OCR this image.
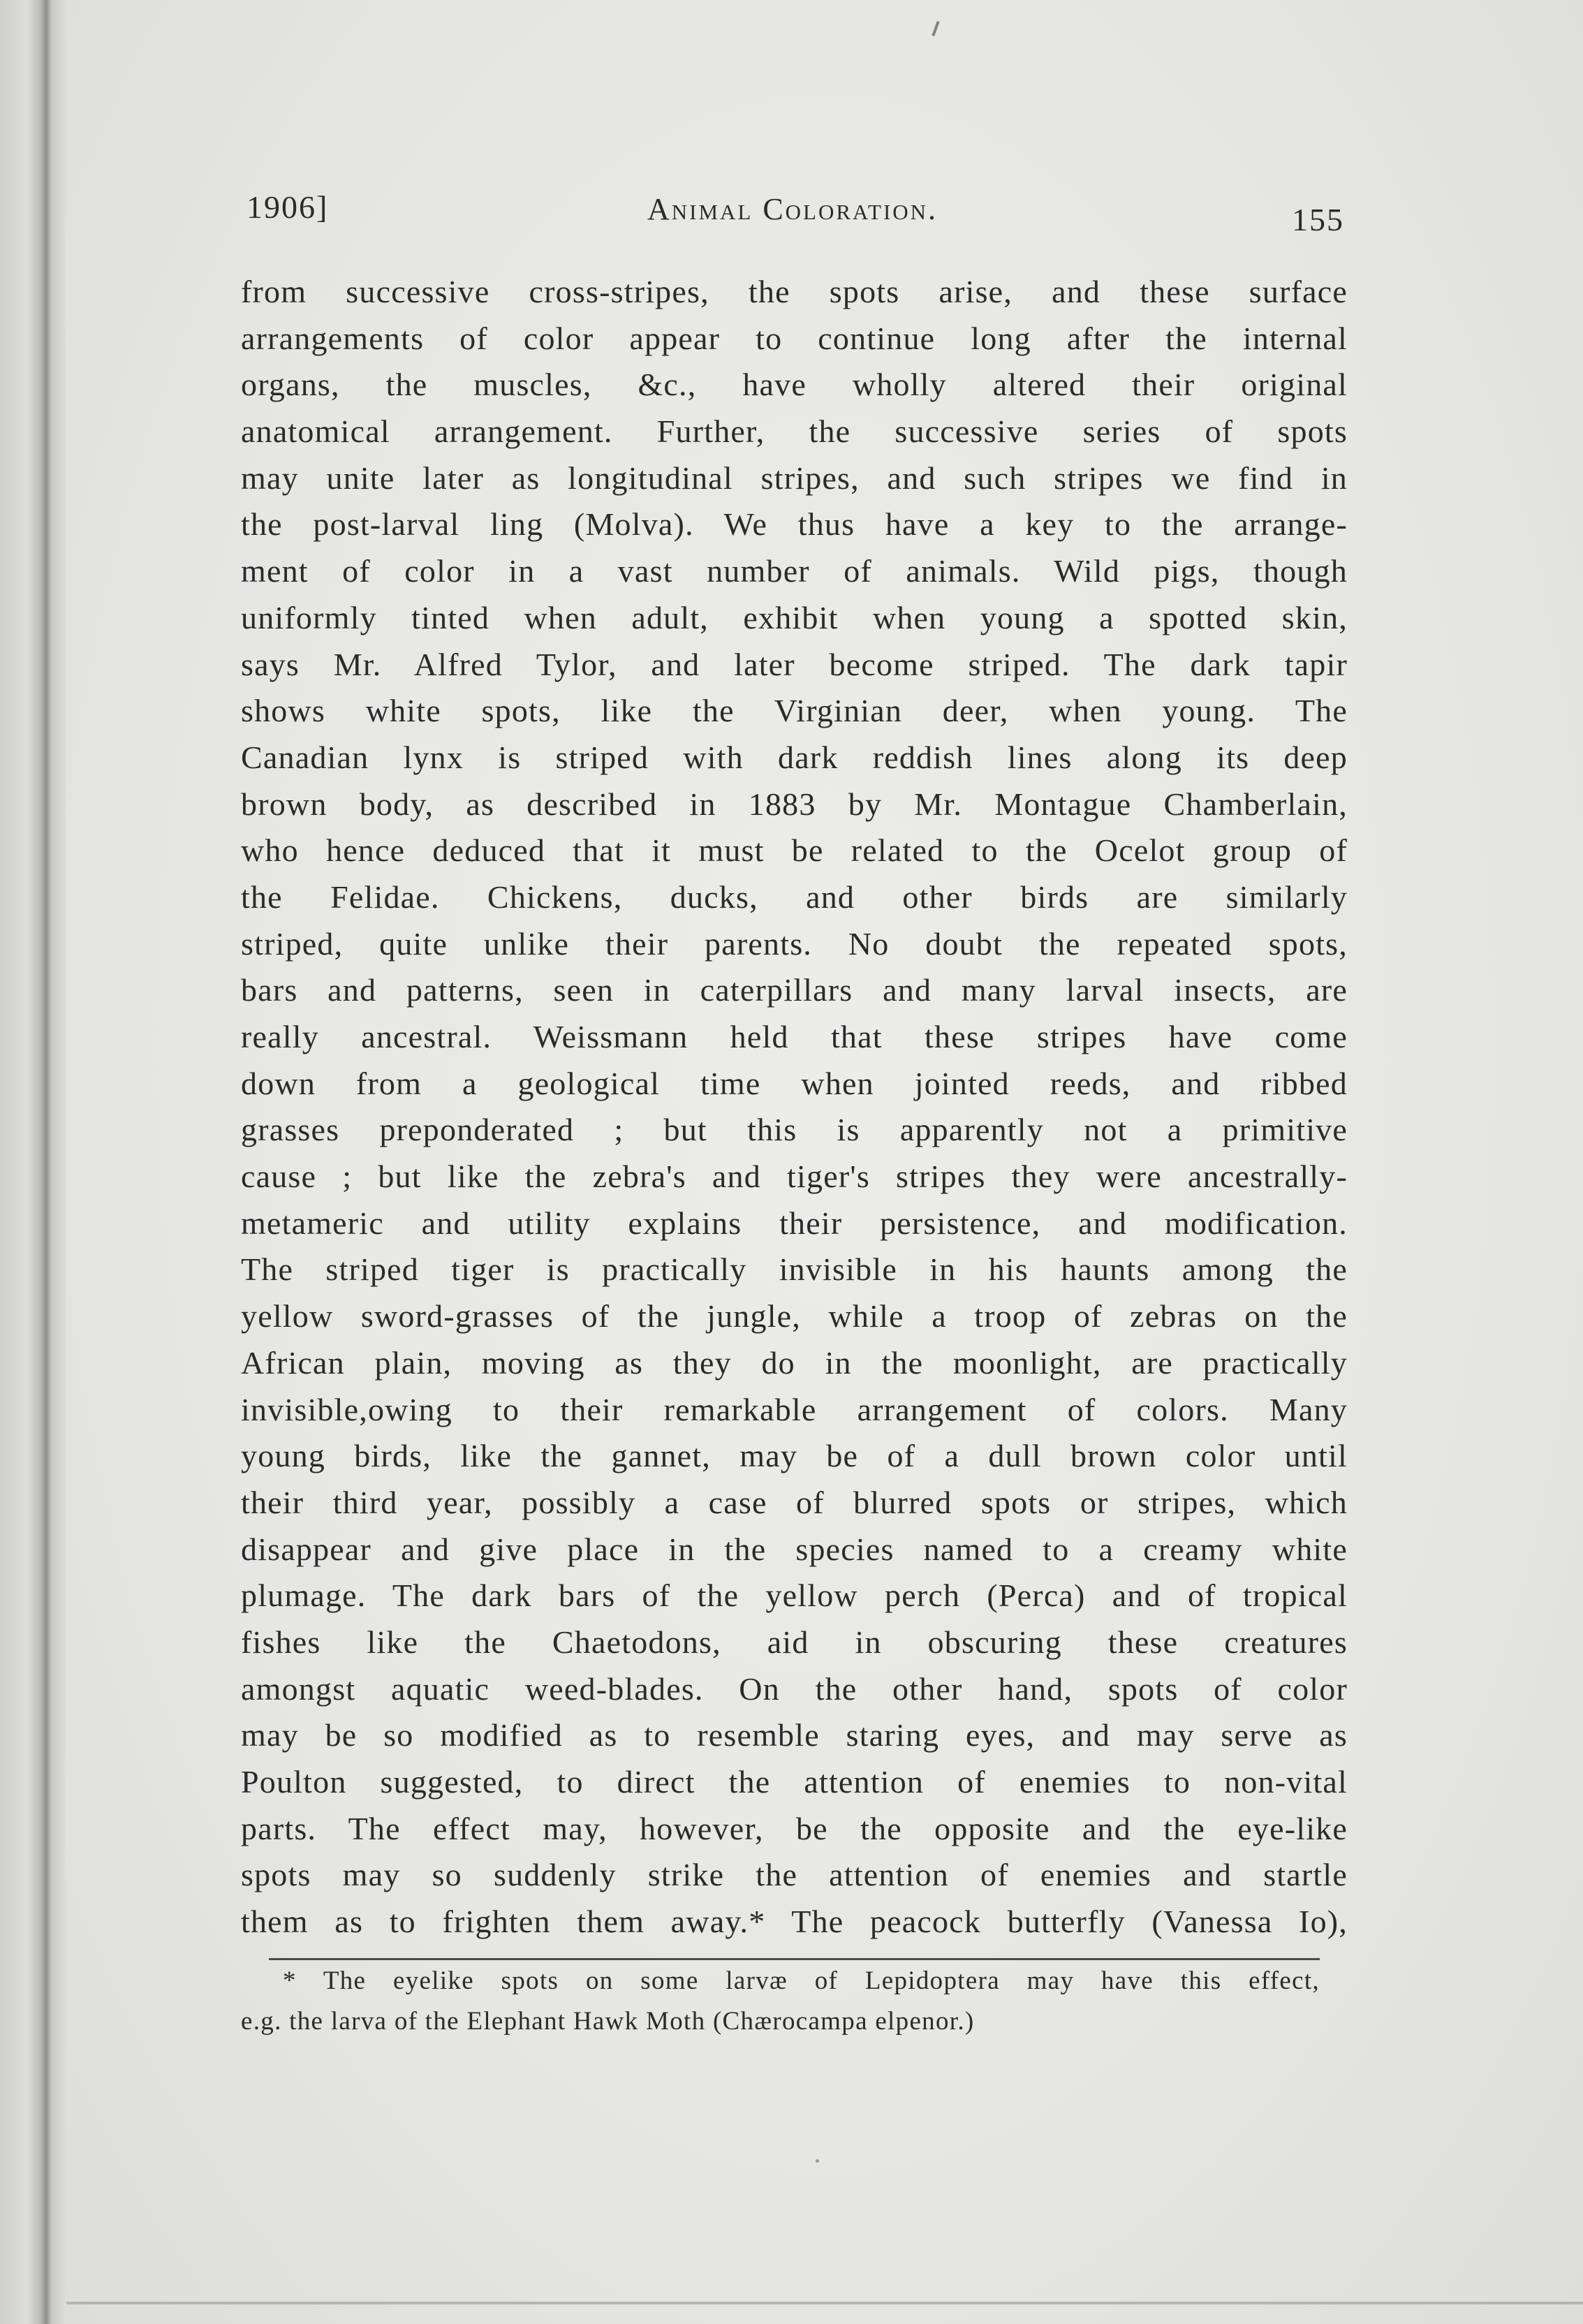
1906]	Animal Coloration.	155
from successive cross-stripes, the spots arise, and these surface
arrangements of color appear to continue long after the internal
organs, the muscles, &c., have wholly altered their original
anatomical arrangement. Further, the successive series of spots
may unite later as longitudinal stripes, and such stripes we find in
the post-larval ling (Molva). We thus have a key to the arrange-
ment of color in a vast number of animals. Wild pigs, though
uniformly tinted when adult, exhibit when young a spotted skin,
says Mr. Alfred Tylor, and later become striped. The dark tapir
shows white spots, like the Virginian deer, when young. The
Canadian lynx is striped with dark reddish lines along its deep
brown body, as described in 1883 by Mr. Montague Chamberlain,
who hence deduced that it must be related to the Ocelot group of
the Felidae. Chickens, ducks, and other birds are similarly
striped, quite unlike their parents. No doubt the repeated spots,
bars and patterns, seen in caterpillars and many larval insects, are
really ancestral. Weissmann held that these stripes have come
down from a geological time when jointed reeds, and ribbed
grasses preponderated ; but this is apparently not a primitive
cause ; but like the zebra's and tiger's stripes they were ancestrally-
metameric and utility explains their persistence, and modification.
The striped tiger is practically invisible in his haunts among the
yellow sword-grasses of the jungle, while a troop of zebras on the
African plain, moving as they do in the moonlight, are practically
invisible,owing to their remarkable arrangement of colors. Many
young birds, like the gannet, may be of a dull brown color until
their third year, possibly a case of blurred spots or stripes, which
disappear and give place in the species named to a creamy white
plumage. The dark bars of the yellow perch (Perca) and of tropical
fishes like the Chaetodons, aid in obscuring these creatures
amongst aquatic weed-blades. On the other hand, spots of color
may be so modified as to resemble staring eyes, and may serve as
Poulton suggested, to direct the attention of enemies to non-vital
parts. The effect may, however, be the opposite and the eye-like
spots may so suddenly strike the attention of enemies and startle
them as to frighten them away.* The peacock butterfly (Vanessa Io),
* The eyelike spots on some larvæ of Lepidoptera may have this effect,
e.g. the larva of the Elephant Hawk Moth (Chærocampa elpenor.)
